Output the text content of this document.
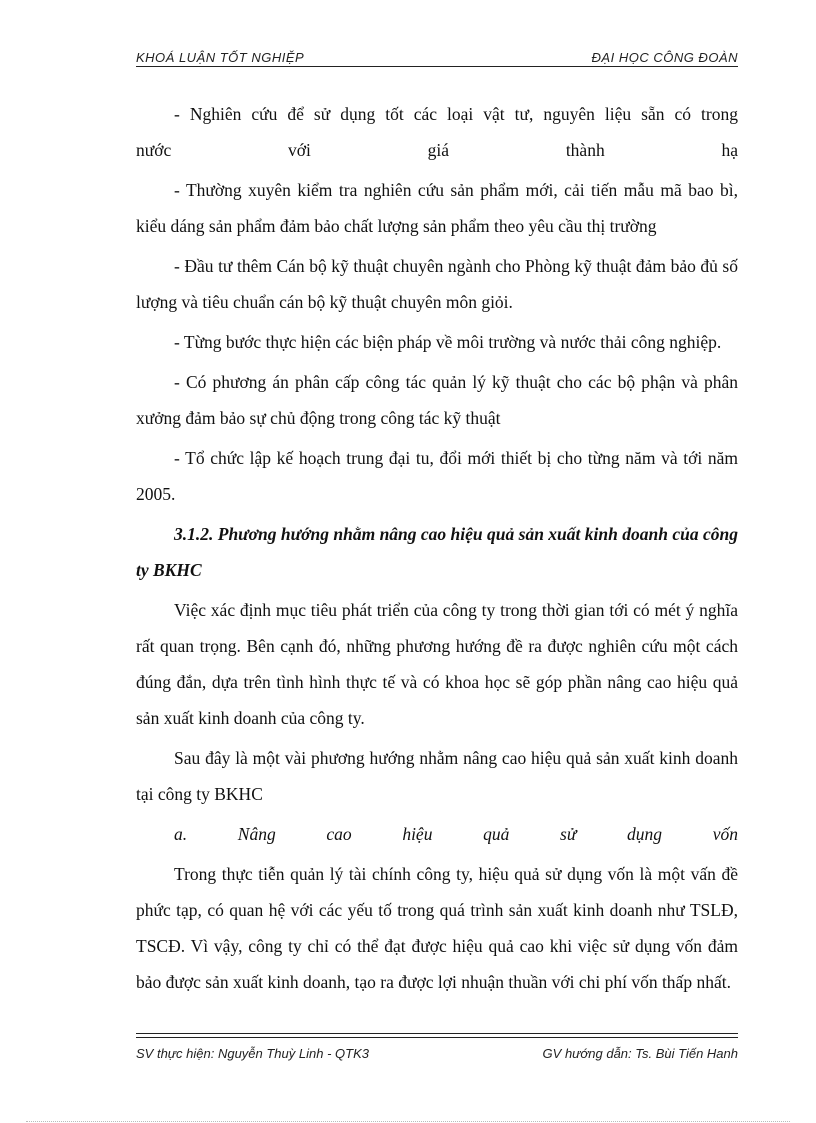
KHOÁ LUẬN TỐT NGHIỆP	ĐẠI HỌC CÔNG ĐOÀN

- Nghiên cứu để sử dụng tốt các loại vật tư, nguyên liệu sẵn có trong

nước với giá thành hạ

- Thường xuyên kiểm tra nghiên cứu sản phẩm mới, cải tiến mẫu mã bao bì, kiểu dáng sản phẩm đảm bảo chất lượng sản phẩm theo yêu cầu thị trường

- Đầu tư thêm Cán bộ kỹ thuật chuyên ngành cho Phòng kỹ thuật đảm bảo đủ số lượng và tiêu chuẩn cán bộ kỹ thuật chuyên môn giỏi.

- Từng bước thực hiện các biện pháp về môi trường và nước thải công nghiệp.

- Có phương án phân cấp công tác quản lý kỹ thuật cho các bộ phận và phân xưởng đảm bảo sự chủ động trong công tác kỹ thuật

- Tổ chức lập kế hoạch trung đại tu, đổi mới thiết bị cho từng năm và tới năm 2005.

3.1.2. Phương hướng nhằm nâng cao hiệu quả sản xuất kinh doanh của công ty BKHC

Việc xác định mục tiêu phát triển của công ty trong thời gian tới có mét ý nghĩa rất quan trọng. Bên cạnh đó, những phương hướng đề ra được nghiên cứu một cách đúng đắn, dựa trên tình hình thực tế và có khoa học sẽ góp phần nâng cao hiệu quả sản xuất kinh doanh của công ty.

Sau đây là một vài phương hướng nhằm nâng cao hiệu quả sản xuất kinh doanh tại công ty BKHC

a. Nâng cao hiệu quả sử dụng vốn

Trong thực tiễn quản lý tài chính công ty, hiệu quả sử dụng vốn là một vấn đề phức tạp, có quan hệ với các yếu tố trong quá trình sản xuất kinh doanh như TSLĐ, TSCĐ. Vì vậy, công ty chỉ có thể đạt được hiệu quả cao khi việc sử dụng vốn đảm bảo được sản xuất kinh doanh, tạo ra được lợi nhuận thuần với chi phí vốn thấp nhất.

SV thực hiện: Nguyễn Thuỳ Linh - QTK3	GV hướng dẫn: Ts. Bùi Tiến Hanh
